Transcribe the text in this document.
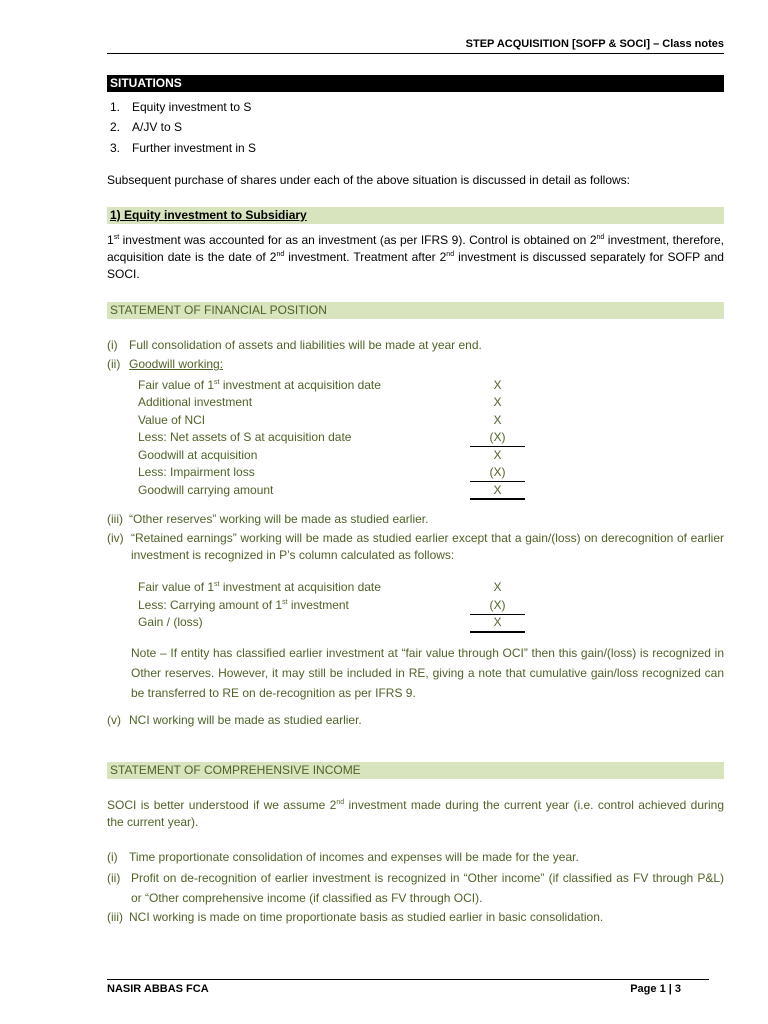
STEP ACQUISITION [SOFP & SOCI] – Class notes
SITUATIONS
1. Equity investment to S
2. A/JV to S
3. Further investment in S
Subsequent purchase of shares under each of the above situation is discussed in detail as follows:
1) Equity investment to Subsidiary
1st investment was accounted for as an investment (as per IFRS 9). Control is obtained on 2nd investment, therefore, acquisition date is the date of 2nd investment. Treatment after 2nd investment is discussed separately for SOFP and SOCI.
STATEMENT OF FINANCIAL POSITION
(i) Full consolidation of assets and liabilities will be made at year end.
(ii) Goodwill working:
Fair value of 1st investment at acquisition date	X
Additional investment	X
Value of NCI	X
Less: Net assets of S at acquisition date	(X)
Goodwill at acquisition	X
Less: Impairment loss	(X)
Goodwill carrying amount	X
(iii) “Other reserves” working will be made as studied earlier.
(iv) “Retained earnings” working will be made as studied earlier except that a gain/(loss) on derecognition of earlier investment is recognized in P’s column calculated as follows:
Fair value of 1st investment at acquisition date	X
Less: Carrying amount of 1st investment	(X)
Gain / (loss)	X
Note – If entity has classified earlier investment at “fair value through OCI” then this gain/(loss) is recognized in Other reserves. However, it may still be included in RE, giving a note that cumulative gain/loss recognized can be transferred to RE on de-recognition as per IFRS 9.
(v) NCI working will be made as studied earlier.
STATEMENT OF COMPREHENSIVE INCOME
SOCI is better understood if we assume 2nd investment made during the current year (i.e. control achieved during the current year).
(i) Time proportionate consolidation of incomes and expenses will be made for the year.
(ii) Profit on de-recognition of earlier investment is recognized in “Other income” (if classified as FV through P&L) or “Other comprehensive income (if classified as FV through OCI).
(iii) NCI working is made on time proportionate basis as studied earlier in basic consolidation.
NASIR ABBAS FCA	Page 1 | 3
